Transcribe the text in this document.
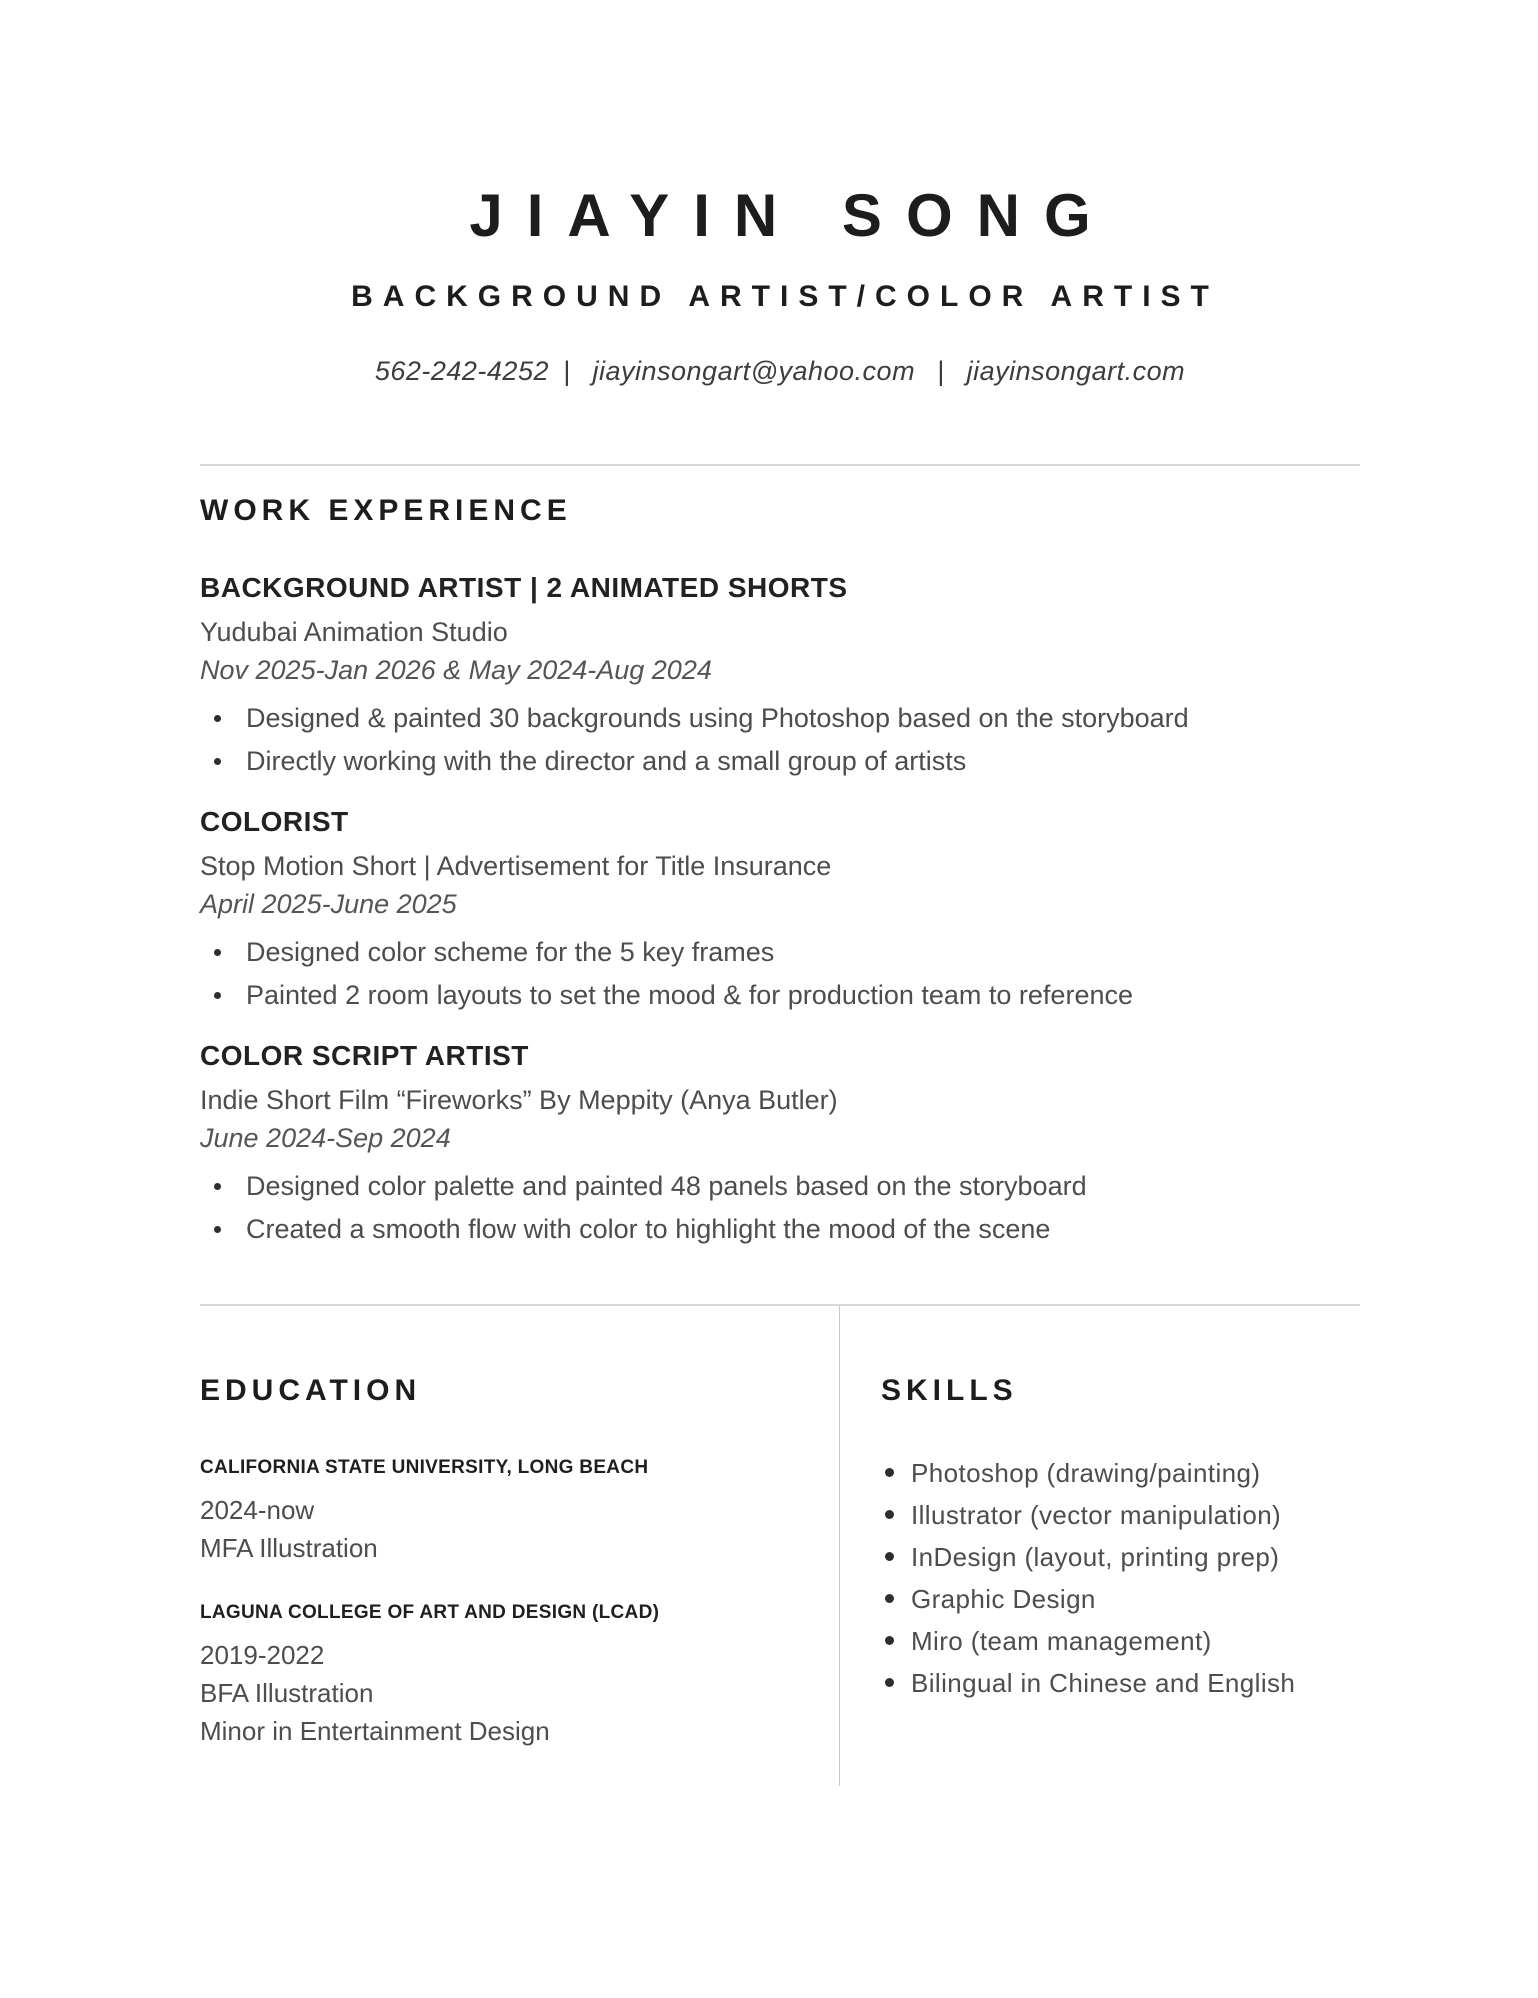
JIAYIN SONG
BACKGROUND ARTIST/COLOR ARTIST

562-242-4252 |  jiayinsongart@yahoo.com  |  jiayinsongart.com

WORK EXPERIENCE
BACKGROUND ARTIST | 2 ANIMATED SHORTS
Yudubai Animation Studio
Nov 2025-Jan 2026 & May 2024-Aug 2024
Designed & painted 30 backgrounds using Photoshop based on the storyboard
Directly working with the director and a small group of artists
COLORIST
Stop Motion Short | Advertisement for Title Insurance
April 2025-June 2025
Designed color scheme for the 5 key frames
Painted 2 room layouts to set the mood & for production team to reference
COLOR SCRIPT ARTIST
Indie Short Film “Fireworks” By Meppity (Anya Butler)
June 2024-Sep 2024
Designed color palette and painted 48 panels based on the storyboard
Created a smooth flow with color to highlight the mood of the scene
EDUCATION
CALIFORNIA STATE UNIVERSITY, LONG BEACH
2024-now
MFA Illustration
LAGUNA COLLEGE OF ART AND DESIGN (LCAD)
2019-2022
BFA Illustration
Minor in Entertainment Design
SKILLS
Photoshop (drawing/painting)
Illustrator (vector manipulation)
InDesign (layout, printing prep)
Graphic Design
Miro (team management)
Bilingual in Chinese and English
